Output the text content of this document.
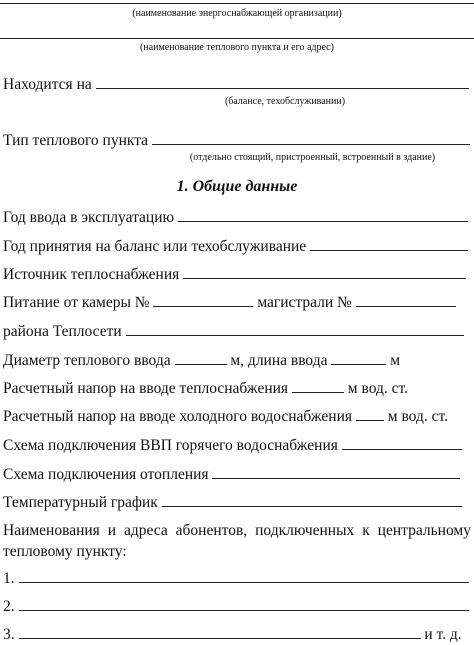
(наименование энергоснабжающей организации)
(наименование теплового пункта и его адрес)
Находится на
(балансе, техобслуживании)
Тип теплового пункта
(отдельно стоящий, пристроенный, встроенный в здание)
1. Общие данные
Год ввода в эксплуатацию
Год принятия на баланс или техобслуживание
Источник теплоснабжения
Питание от камеры №	магистрали №
района Теплосети
Диаметр теплового ввода	м, длина ввода	м
Расчетный напор на вводе теплоснабжения	м вод. ст.
Расчетный напор на вводе холодного водоснабжения м вод. ст.
Схема подключения ВВП горячего водоснабжения
Схема подключения отопления
Температурный график
Наименования и адреса абонентов, подключенных к центральному тепловому пункту:
1.
2.
3.	и т. д.
